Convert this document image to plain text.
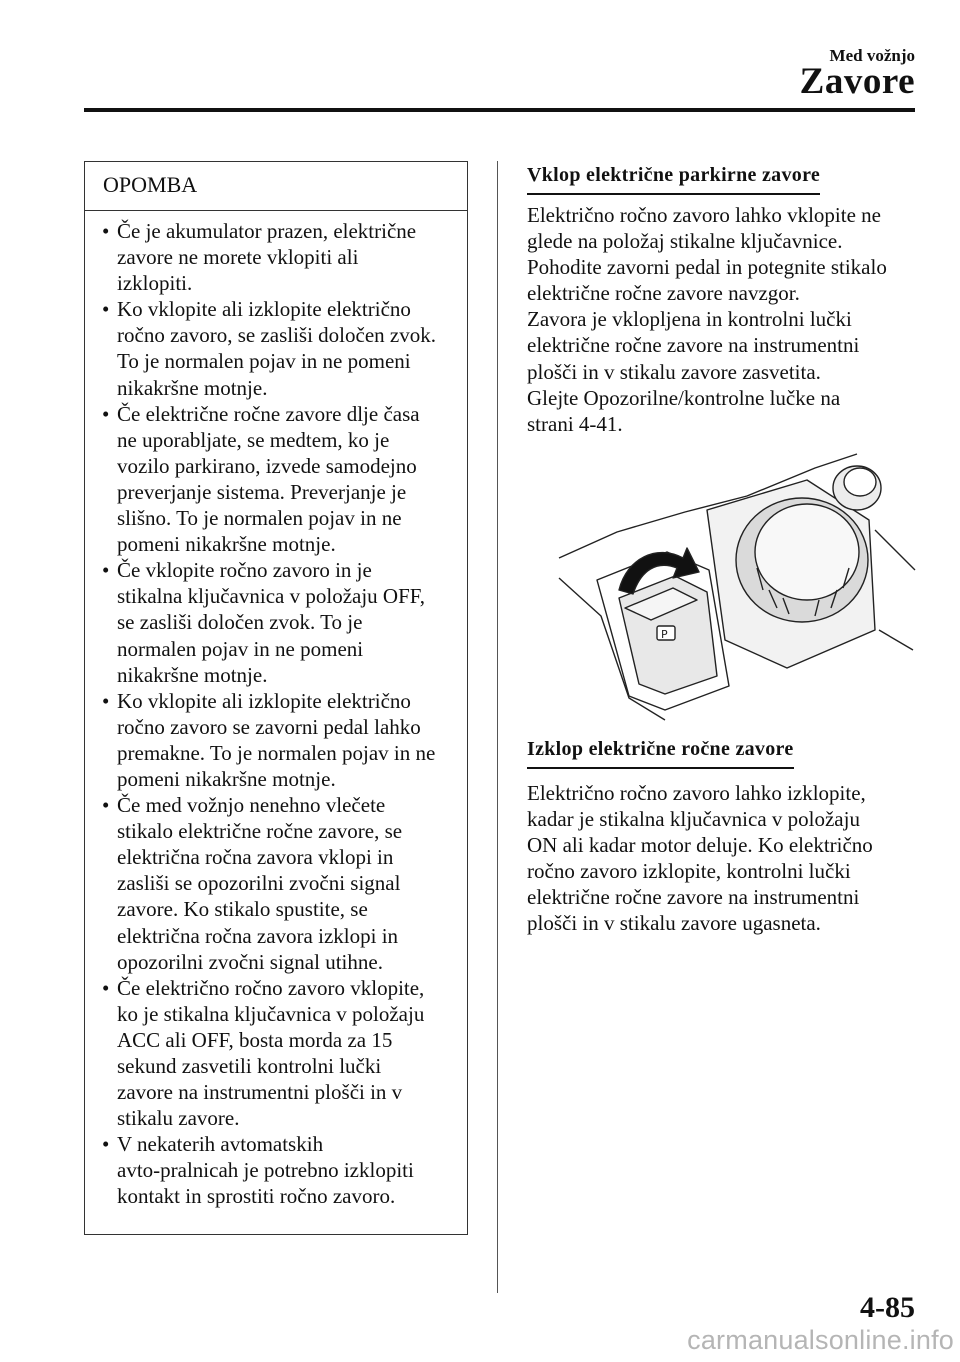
Med vožnjo
Zavore
OPOMBA
• Če je akumulator prazen, električne
zavore ne morete vklopiti ali
izklopiti.
• Ko vklopite ali izklopite električno
ročno zavoro, se zasliši določen zvok.
To je normalen pojav in ne pomeni
nikakršne motnje.
• Če električne ročne zavore dlje časa
ne uporabljate, se medtem, ko je
vozilo parkirano, izvede samodejno
preverjanje sistema. Preverjanje je
slišno. To je normalen pojav in ne
pomeni nikakršne motnje.
• Če vklopite ročno zavoro in je
stikalna ključavnica v položaju OFF,
se zasliši določen zvok. To je
normalen pojav in ne pomeni
nikakršne motnje.
• Ko vklopite ali izklopite električno
ročno zavoro se zavorni pedal lahko
premakne. To je normalen pojav in ne
pomeni nikakršne motnje.
• Če med vožnjo nenehno vlečete
stikalo električne ročne zavore, se
električna ročna zavora vklopi in
zasliši se opozorilni zvočni signal
zavore. Ko stikalo spustite, se
električna ročna zavora izklopi in
opozorilni zvočni signal utihne.
• Če električno ročno zavoro vklopite,
ko je stikalna ključavnica v položaju
ACC ali OFF, bosta morda za 15
sekund zasvetili kontrolni lučki
zavore na instrumentni plošči in v
stikalu zavore.
• V nekaterih avtomatskih
avto-pralnicah je potrebno izklopiti
kontakt in sprostiti ročno zavoro.
Vklop električne parkirne zavore
Električno ročno zavoro lahko vklopite ne
glede na položaj stikalne ključavnice.
Pohodite zavorni pedal in potegnite stikalo
električne ročne zavore navzgor.
Zavora je vklopljena in kontrolni lučki
električne ročne zavore na instrumentni
plošči in v stikalu zavore zasvetita.
Glejte Opozorilne/kontrolne lučke na
strani 4-41.
Izklop električne ročne zavore
Električno ročno zavoro lahko izklopite,
kadar je stikalna ključavnica v položaju
ON ali kadar motor deluje. Ko električno
ročno zavoro izklopite, kontrolni lučki
električne ročne zavore na instrumentni
plošči in v stikalu zavore ugasneta.
P
4-85
carmanualsonline.info
